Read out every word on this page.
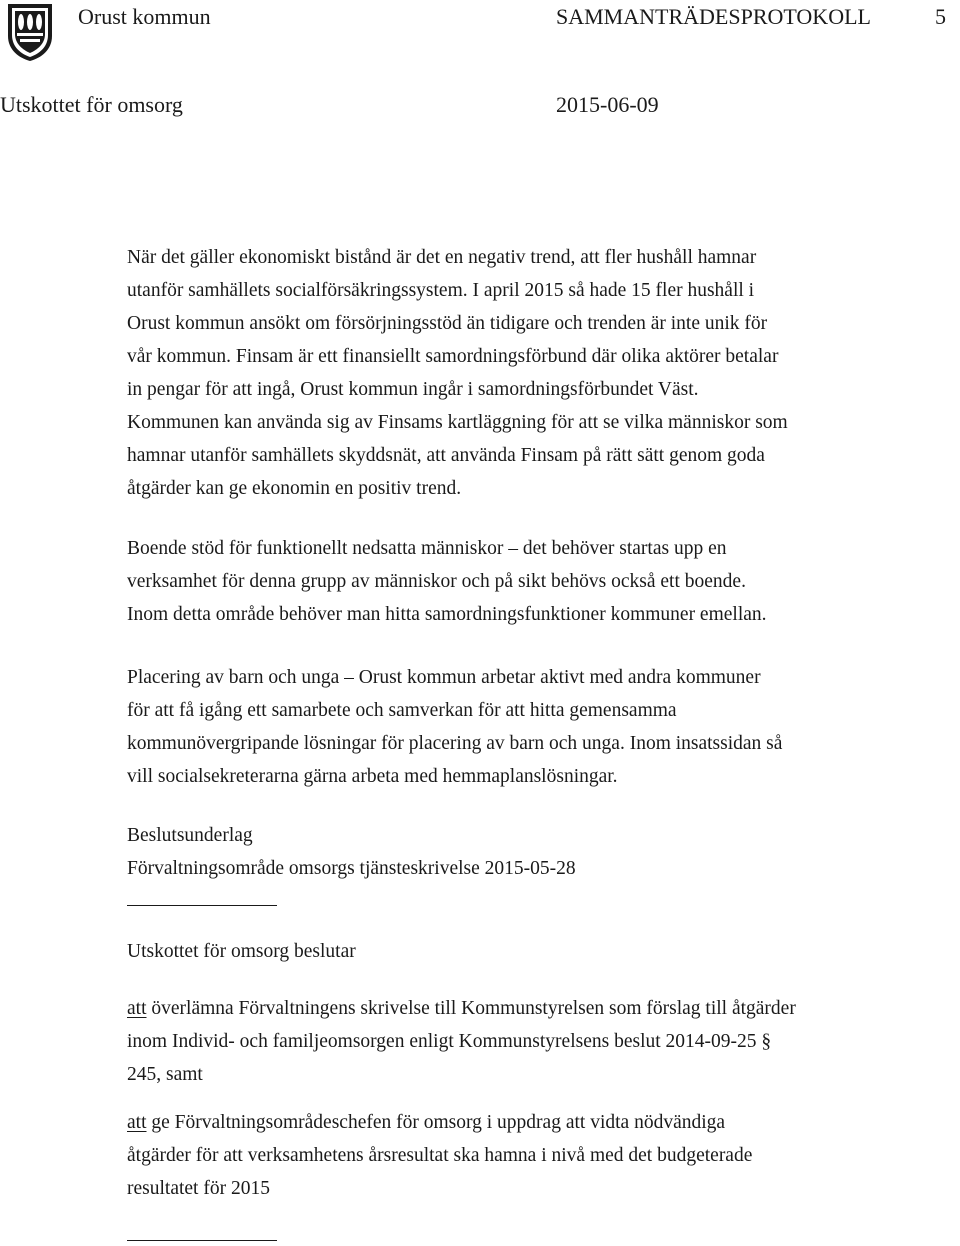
Orust kommun	SAMMANTRÄDESPROTOKOLL	5
Utskottet för omsorg	2015-06-09

När det gäller ekonomiskt bistånd är det en negativ trend, att fler hushåll hamnar

utanför samhällets socialförsäkringssystem. I april 2015 så hade 15 fler hushåll i

Orust kommun ansökt om försörjningsstöd än tidigare och trenden är inte unik för

vår kommun. Finsam är ett finansiellt samordningsförbund där olika aktörer betalar

in pengar för att ingå, Orust kommun ingår i samordningsförbundet Väst.

Kommunen kan använda sig av Finsams kartläggning för att se vilka människor som

hamnar utanför samhällets skyddsnät, att använda Finsam på rätt sätt genom goda

åtgärder kan ge ekonomin en positiv trend.

Boende stöd för funktionellt nedsatta människor – det behöver startas upp en

verksamhet för denna grupp av människor och på sikt behövs också ett boende.

Inom detta område behöver man hitta samordningsfunktioner kommuner emellan.

Placering av barn och unga – Orust kommun arbetar aktivt med andra kommuner

för att få igång ett samarbete och samverkan för att hitta gemensamma

kommunövergripande lösningar för placering av barn och unga. Inom insatssidan så

vill socialsekreterarna gärna arbeta med hemmaplanslösningar.

Beslutsunderlag

Förvaltningsområde omsorgs tjänsteskrivelse 2015-05-28

Utskottet för omsorg beslutar

att överlämna Förvaltningens skrivelse till Kommunstyrelsen som förslag till åtgärder

inom Individ- och familjeomsorgen enligt Kommunstyrelsens beslut 2014-09-25 §

245, samt

att ge Förvaltningsområdeschefen för omsorg i uppdrag att vidta nödvändiga

åtgärder för att verksamhetens årsresultat ska hamna i nivå med det budgeterade

resultatet för 2015
